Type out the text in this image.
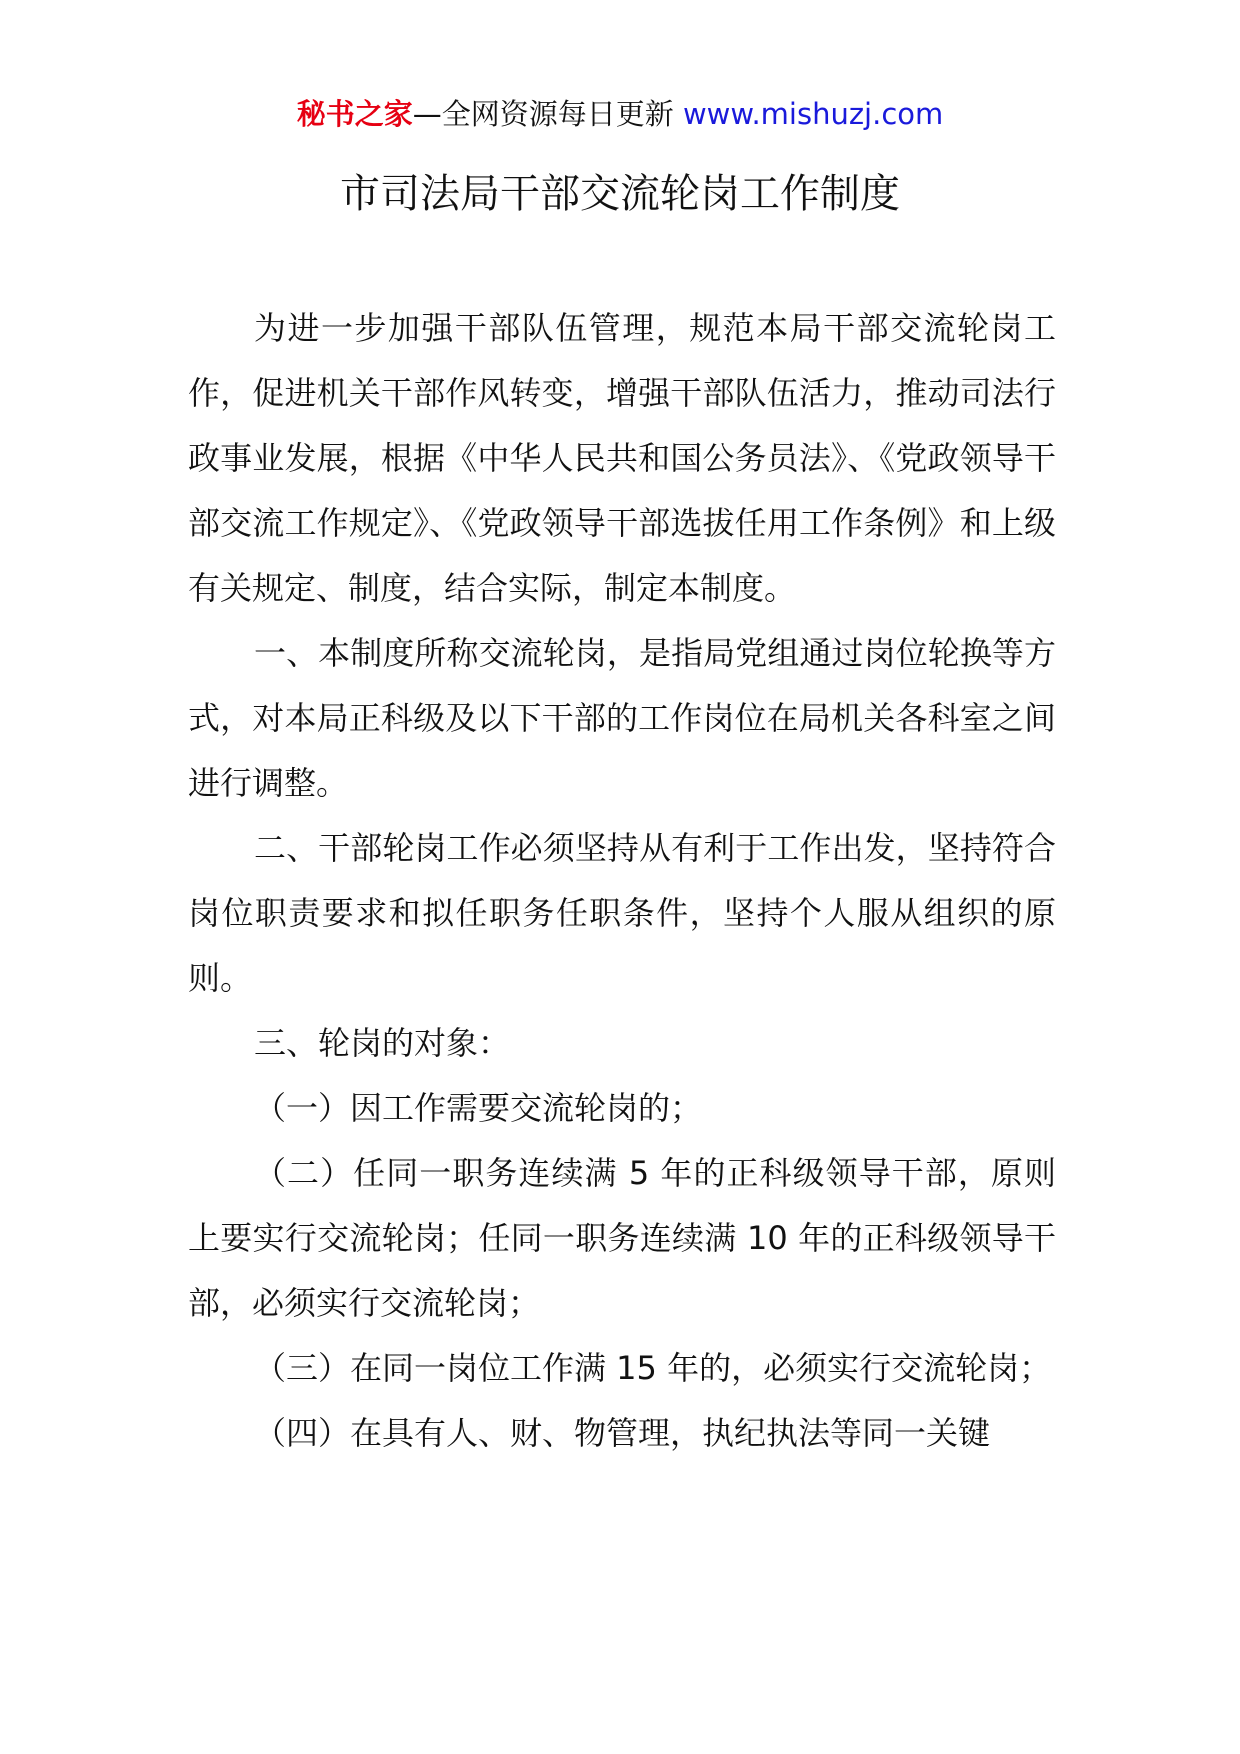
秘书之家—全网资源每日更新 www.mishuzj.com
市司法局干部交流轮岗工作制度

为进一步加强干部队伍管理，规范本局干部交流轮岗工作，促进机关干部作风转变，增强干部队伍活力，推动司法行政事业发展，根据《中华人民共和国公务员法》、《党政领导干部交流工作规定》、《党政领导干部选拔任用工作条例》和上级有关规定、制度，结合实际，制定本制度。

一、本制度所称交流轮岗，是指局党组通过岗位轮换等方式，对本局正科级及以下干部的工作岗位在局机关各科室之间进行调整。

二、干部轮岗工作必须坚持从有利于工作出发，坚持符合岗位职责要求和拟任职务任职条件，坚持个人服从组织的原则。

三、轮岗的对象：

（一）因工作需要交流轮岗的；

（二）任同一职务连续满 5 年的正科级领导干部，原则上要实行交流轮岗；任同一职务连续满 10 年的正科级领导干部，必须实行交流轮岗；

（三）在同一岗位工作满 15 年的，必须实行交流轮岗；

（四）在具有人、财、物管理，执纪执法等同一关键
